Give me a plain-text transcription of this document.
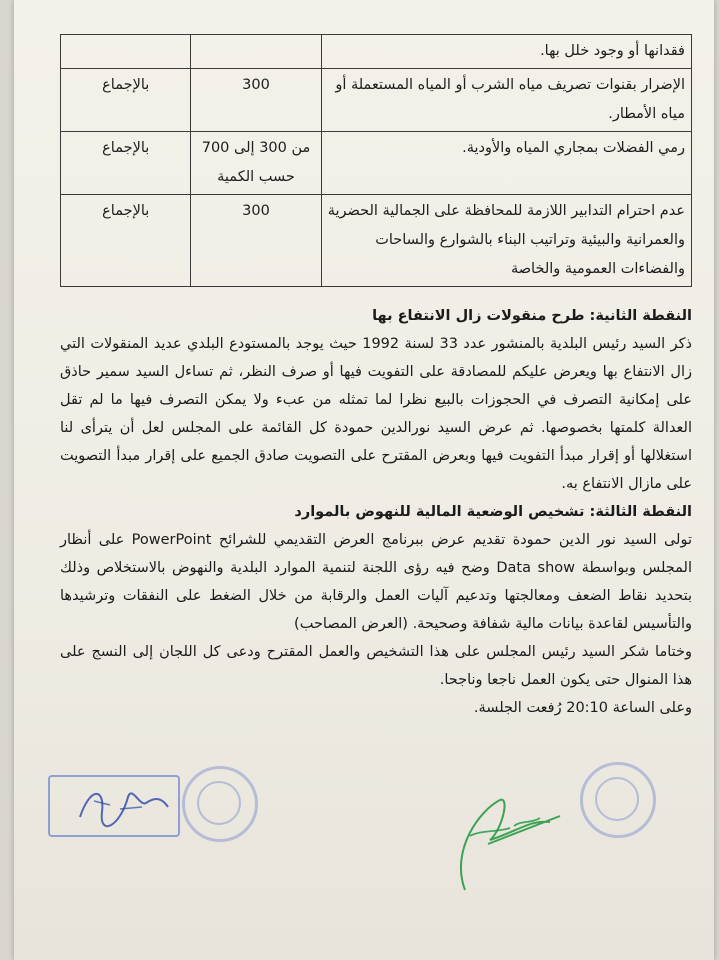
فقدانها أو وجود خلل بها.		
الإضرار بقنوات تصريف مياه الشرب أو المياه المستعملة أو مياه الأمطار.	300	بالإجماع
رمي الفضلات بمجاري المياه والأودية.	من 300 إلى 700 حسب الكمية	بالإجماع
عدم احترام التدابير اللازمة للمحافظة على الجمالية الحضرية والعمرانية والبيئية وتراتيب البناء بالشوارع والساحات والفضاءات العمومية والخاصة	300	بالإجماع

النقطة الثانية: طرح منقولات زال الانتفاع بها

ذكر السيد رئيس البلدية بالمنشور عدد 33 لسنة 1992 حيث يوجد بالمستودع البلدي عديد المنقولات التي زال الانتفاع بها ويعرض عليكم للمصادقة على التفويت فيها أو صرف النظر، ثم تساءل السيد سمير حاذق على إمكانية التصرف في الحجوزات بالبيع نظرا لما تمثله من عبء ولا يمكن التصرف فيها ما لم تقل العدالة كلمتها بخصوصها. ثم عرض السيد نورالدين حمودة كل القائمة على المجلس لعل أن يترأى لنا استغلالها أو إقرار مبدأ التفويت فيها وبعرض المقترح على التصويت صادق الجميع على إقرار مبدأ التصويت على مازال الانتفاع به.

النقطة الثالثة: تشخيص الوضعية المالية للنهوض بالموارد

تولى السيد نور الدين حمودة تقديم عرض ببرنامج العرض التقديمي للشرائح PowerPoint على أنظار المجلس وبواسطة Data show وضح فيه رؤى اللجنة لتنمية الموارد البلدية والنهوض بالاستخلاص وذلك بتحديد نقاط الضعف ومعالجتها وتدعيم آليات العمل والرقابة من خلال الضغط على النفقات وترشيدها والتأسيس لقاعدة بيانات مالية شفافة وصحيحة. (العرض المصاحب)

وختاما شكر السيد رئيس المجلس على هذا التشخيص والعمل المقترح ودعى كل اللجان إلى النسج على هذا المنوال حتى يكون العمل ناجعا وناجحا.

وعلى الساعة 20:10 رُفعت الجلسة.
